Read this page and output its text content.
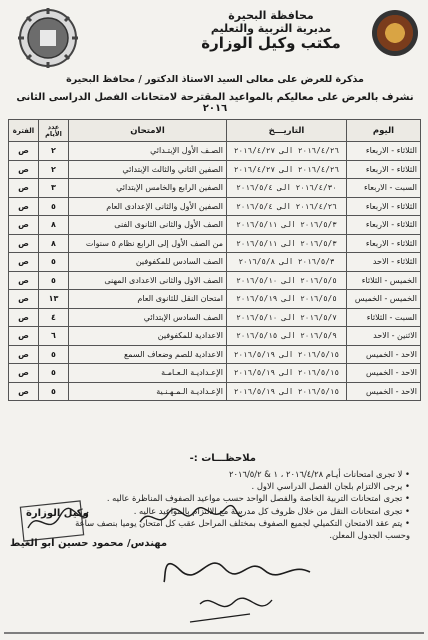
محافظة البحيرة
مديرية التربية والتعليم
مكتب وكيل الوزارة
مذكرة للعرض على معالى السيد الاستاذ الدكتور / محافظ البحيرة
نشرف بالعرض على معاليكم بالمواعيد المقترحة لامتحانات الفصل الدراسى الثانى ٢٠١٦
اليوم	التاريـــخ	الامتحان	عدد الأيام	الفترة
الثلاثاء - الاربعاء	٢٠١٦/٤/٢٦ الى ٢٠١٦/٤/٢٧	الصـف الأول الإبتـدائي	٢	ص
الثلاثاء - الاربعاء	٢٠١٦/٤/٢٦ الى ٢٠١٦/٤/٢٧	الصفين الثاني والثالث الإبتدائي	٢	ص
السبت - الاربعاء	٢٠١٦/٤/٣٠ الى ٢٠١٦/٥/٤	الصفين الرابع والخامس الإبتدائي	٣	ص
الثلاثاء - الاربعاء	٢٠١٦/٤/٢٦ الى ٢٠١٦/٥/٤	الصفين الأول والثانى الإعدادى العام	٥	ص
الثلاثاء - الاربعاء	٢٠١٦/٥/٣ الى ٢٠١٦/٥/١١	الصف الأول والثانى الثانوى الفنى	٨	ص
الثلاثاء - الاربعاء	٢٠١٦/٥/٣ الى ٢٠١٦/٥/١١	من الصف الأول إلى الرابع نظام ٥ سنوات	٨	ص
الثلاثاء - الاحد	٢٠١٦/٥/٣ الى ٢٠١٦/٥/٨	الصف السادس للمكفوفين	٥	ص
الخميس - الثلاثاء	٢٠١٦/٥/٥ الى ٢٠١٦/٥/١٠	الصف الاول والثانى الاعدادى المهنى	٥	ص
الخميس - الخميس	٢٠١٦/٥/٥ الى ٢٠١٦/٥/١٩	امتحان النقل للثانوى العام	١٣	ص
السبت - الثلاثاء	٢٠١٦/٥/٧ الى ٢٠١٦/٥/١٠	الصف السادس الإبتدائي	٤	ص
الاثنين - الاحد	٢٠١٦/٥/٩ الى ٢٠١٦/٥/١٥	الاعدادية للمكفوفين	٦	ص
الاحد - الخميس	٢٠١٦/٥/١٥ الى ٢٠١٦/٥/١٩	الاعدادية للصم وضعاف السمع	٥	ص
الاحد - الخميس	٢٠١٦/٥/١٥ الى ٢٠١٦/٥/١٩	الإعـداديـة الـعـامـة	٥	ص
الاحد - الخميس	٢٠١٦/٥/١٥ الى ٢٠١٦/٥/١٩	الإعـداديـة الـمـهـنـية	٥	ص
ملاحظـــات :-
• لا تجرى امتحانات أيـام ٢٠١٦/٤/٢٨ ، ١ & ٢٠١٦/٥/٢
• يرجى الالتزام بلجان الفصل الدراسي الاول .
• تجرى امتحانات التربية الخاصة والفصل الواحد حسب مواعيد الصفوف المناظرة عاليه .
• تجرى امتحانات النقل من خلال ظروف كل مدرسة مع الالتزام بالمواعيد عاليه .
• يتم عقد الامتحان التكميلي لجميع الصفوف بمختلف المراحل عقب كل امتحان يوميا بنصف ساعة وحسب الجدول المعلن.
وكيل الوزارة
مهندس/ محمود حسين ابو الغيط
